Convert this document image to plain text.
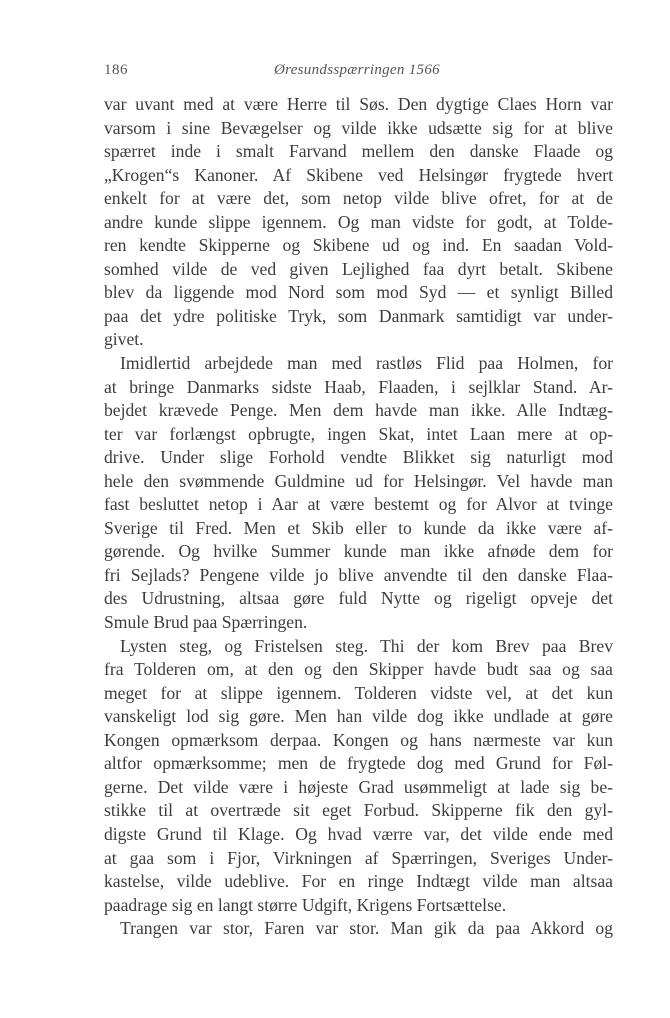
186	Øresundsspærringen 1566
var uvant med at være Herre til Søs. Den dygtige Claes Horn var
varsom i sine Bevægelser og vilde ikke udsætte sig for at blive
spærret inde i smalt Farvand mellem den danske Flaade og
„Krogen“s Kanoner. Af Skibene ved Helsingør frygtede hvert
enkelt for at være det, som netop vilde blive ofret, for at de
andre kunde slippe igennem. Og man vidste for godt, at Tolde-
ren kendte Skipperne og Skibene ud og ind. En saadan Vold-
somhed vilde de ved given Lejlighed faa dyrt betalt. Skibene
blev da liggende mod Nord som mod Syd — et synligt Billed
paa det ydre politiske Tryk, som Danmark samtidigt var under-
givet.
Imidlertid arbejdede man med rastløs Flid paa Holmen, for
at bringe Danmarks sidste Haab, Flaaden, i sejlklar Stand. Ar-
bejdet krævede Penge. Men dem havde man ikke. Alle Indtæg-
ter var forlængst opbrugte, ingen Skat, intet Laan mere at op-
drive. Under slige Forhold vendte Blikket sig naturligt mod
hele den svømmende Guldmine ud for Helsingør. Vel havde man
fast besluttet netop i Aar at være bestemt og for Alvor at tvinge
Sverige til Fred. Men et Skib eller to kunde da ikke være af-
gørende. Og hvilke Summer kunde man ikke afnøde dem for
fri Sejlads? Pengene vilde jo blive anvendte til den danske Flaa-
des Udrustning, altsaa gøre fuld Nytte og rigeligt opveje det
Smule Brud paa Spærringen.
Lysten steg, og Fristelsen steg. Thi der kom Brev paa Brev
fra Tolderen om, at den og den Skipper havde budt saa og saa
meget for at slippe igennem. Tolderen vidste vel, at det kun
vanskeligt lod sig gøre. Men han vilde dog ikke undlade at gøre
Kongen opmærksom derpaa. Kongen og hans nærmeste var kun
altfor opmærksomme; men de frygtede dog med Grund for Føl-
gerne. Det vilde være i højeste Grad usømmeligt at lade sig be-
stikke til at overtræde sit eget Forbud. Skipperne fik den gyl-
digste Grund til Klage. Og hvad værre var, det vilde ende med
at gaa som i Fjor, Virkningen af Spærringen, Sveriges Under-
kastelse, vilde udeblive. For en ringe Indtægt vilde man altsaa
paadrage sig en langt større Udgift, Krigens Fortsættelse.
Trangen var stor, Faren var stor. Man gik da paa Akkord og
